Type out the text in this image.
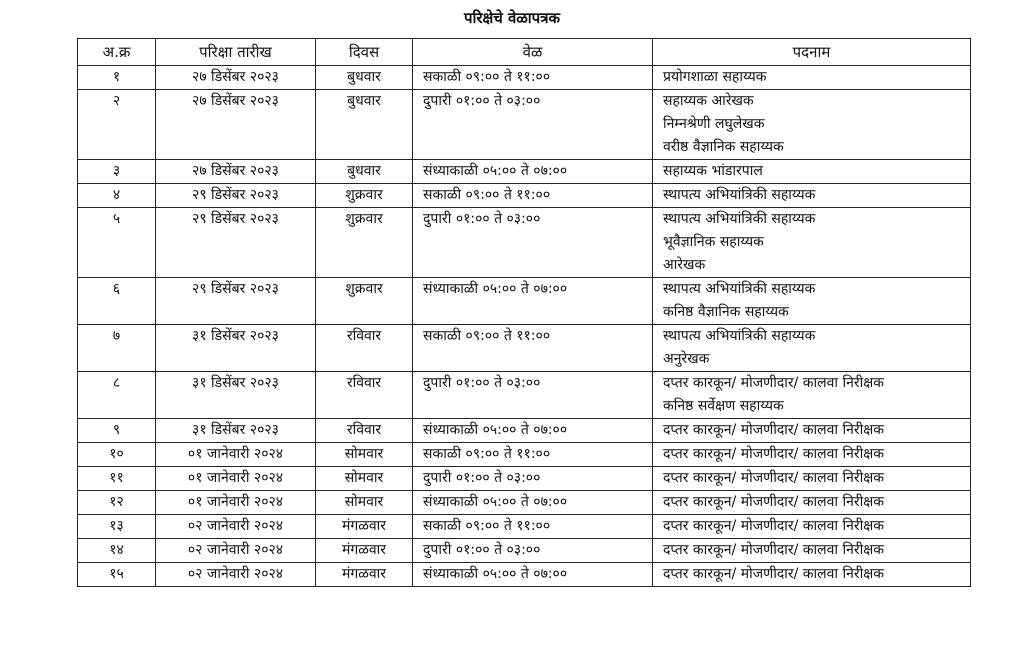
परिक्षेचे वेळापत्रक
अ.क्र	परिक्षा तारीख	दिवस	वेळ	पदनाम
१	२७ डिसेंबर २०२३	बुधवार	सकाळी ०९:०० ते ११:००	प्रयोगशाळा सहाय्यक

२	२७ डिसेंबर २०२३	बुधवार	दुपारी ०१:०० ते ०३:००	सहाय्यक आरेखक
निम्नश्रेणी लघुलेखक
वरीष्ठ वैज्ञानिक सहाय्यक

३	२७ डिसेंबर २०२३	बुधवार	संध्याकाळी ०५:०० ते ०७:००	सहाय्यक भांडारपाल

४	२९ डिसेंबर २०२३	शुक्रवार	सकाळी ०९:०० ते ११:००	स्थापत्य अभियांत्रिकी सहाय्यक

५	२९ डिसेंबर २०२३	शुक्रवार	दुपारी ०१:०० ते ०३:००	स्थापत्य अभियांत्रिकी सहाय्यक
भूवैज्ञानिक सहाय्यक
आरेखक

६	२९ डिसेंबर २०२३	शुक्रवार	संध्याकाळी ०५:०० ते ०७:००	स्थापत्य अभियांत्रिकी सहाय्यक
कनिष्ठ वैज्ञानिक सहाय्यक

७	३१ डिसेंबर २०२३	रविवार	सकाळी ०९:०० ते ११:००	स्थापत्य अभियांत्रिकी सहाय्यक
अनुरेखक

८	३१ डिसेंबर २०२३	रविवार	दुपारी ०१:०० ते ०३:००	दप्तर कारकून/ मोजणीदार/ कालवा निरीक्षक
कनिष्ठ सर्वेक्षण सहाय्यक

९	३१ डिसेंबर २०२३	रविवार	संध्याकाळी ०५:०० ते ०७:००	दप्तर कारकून/ मोजणीदार/ कालवा निरीक्षक

१०	०१ जानेवारी २०२४	सोमवार	सकाळी ०९:०० ते ११:००	दप्तर कारकून/ मोजणीदार/ कालवा निरीक्षक

११	०१ जानेवारी २०२४	सोमवार	दुपारी ०१:०० ते ०३:००	दप्तर कारकून/ मोजणीदार/ कालवा निरीक्षक

१२	०१ जानेवारी २०२४	सोमवार	संध्याकाळी ०५:०० ते ०७:००	दप्तर कारकून/ मोजणीदार/ कालवा निरीक्षक

१३	०२ जानेवारी २०२४	मंगळवार	सकाळी ०९:०० ते ११:००	दप्तर कारकून/ मोजणीदार/ कालवा निरीक्षक

१४	०२ जानेवारी २०२४	मंगळवार	दुपारी ०१:०० ते ०३:००	दप्तर कारकून/ मोजणीदार/ कालवा निरीक्षक

१५	०२ जानेवारी २०२४	मंगळवार	संध्याकाळी ०५:०० ते ०७:००	दप्तर कारकून/ मोजणीदार/ कालवा निरीक्षक
